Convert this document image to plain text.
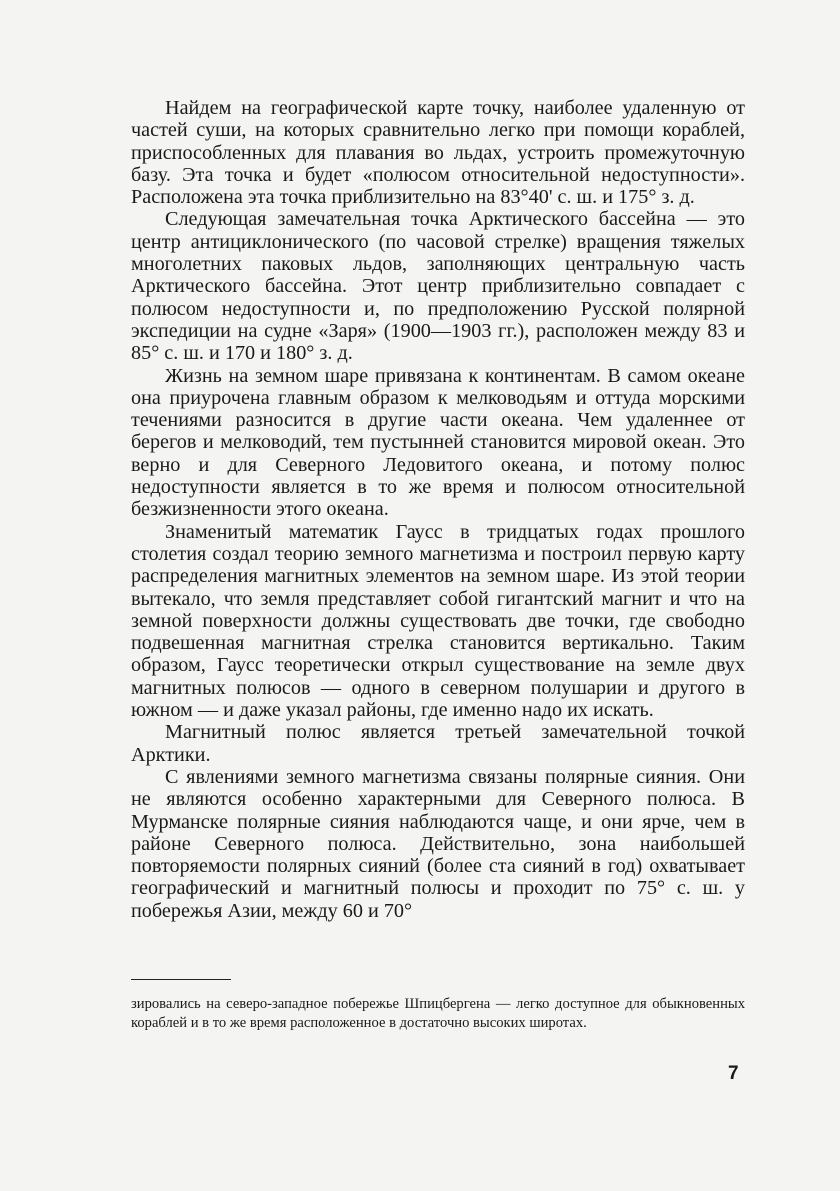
Найдем на географической карте точку, наиболее удаленную от частей суши, на которых сравнительно легко при помощи кораблей, приспособленных для плавания во льдах, устроить промежуточную базу. Эта точка и будет «полюсом относительной недоступности». Расположена эта точка приблизительно на 83°40' с. ш. и 175° з. д.

Следующая замечательная точка Арктического бассейна — это центр антициклонического (по часовой стрелке) вращения тяжелых многолетних паковых льдов, заполняющих центральную часть Арктического бассейна. Этот центр приблизительно совпадает с полюсом недоступности и, по предположению Русской полярной экспедиции на судне «Заря» (1900—1903 гг.), расположен между 83 и 85° с. ш. и 170 и 180° з. д.

Жизнь на земном шаре привязана к континентам. В самом океане она приурочена главным образом к мелководьям и оттуда морскими течениями разносится в другие части океана. Чем удаленнее от берегов и мелководий, тем пустынней становится мировой океан. Это верно и для Северного Ледовитого океана, и потому полюс недоступности является в то же время и полюсом относительной безжизненности этого океана.

Знаменитый математик Гаусс в тридцатых годах прошлого столетия создал теорию земного магнетизма и построил первую карту распределения магнитных элементов на земном шаре. Из этой теории вытекало, что земля представляет собой гигантский магнит и что на земной поверхности должны существовать две точки, где свободно подвешенная магнитная стрелка становится вертикально. Таким образом, Гаусс теоретически открыл существование на земле двух магнитных полюсов — одного в северном полушарии и другого в южном — и даже указал районы, где именно надо их искать.

Магнитный полюс является третьей замечательной точкой Арктики.

С явлениями земного магнетизма связаны полярные сияния. Они не являются особенно характерными для Северного полюса. В Мурманске полярные сияния наблюдаются чаще, и они ярче, чем в районе Северного полюса. Действительно, зона наибольшей повторяемости полярных сияний (более ста сияний в год) охватывает географический и магнитный полюсы и проходит по 75° с. ш. у побережья Азии, между 60 и 70°

зировались на северо-западное побережье Шпицбергена — легко доступное для обыкновенных кораблей и в то же время расположенное в достаточно высоких широтах.

7
